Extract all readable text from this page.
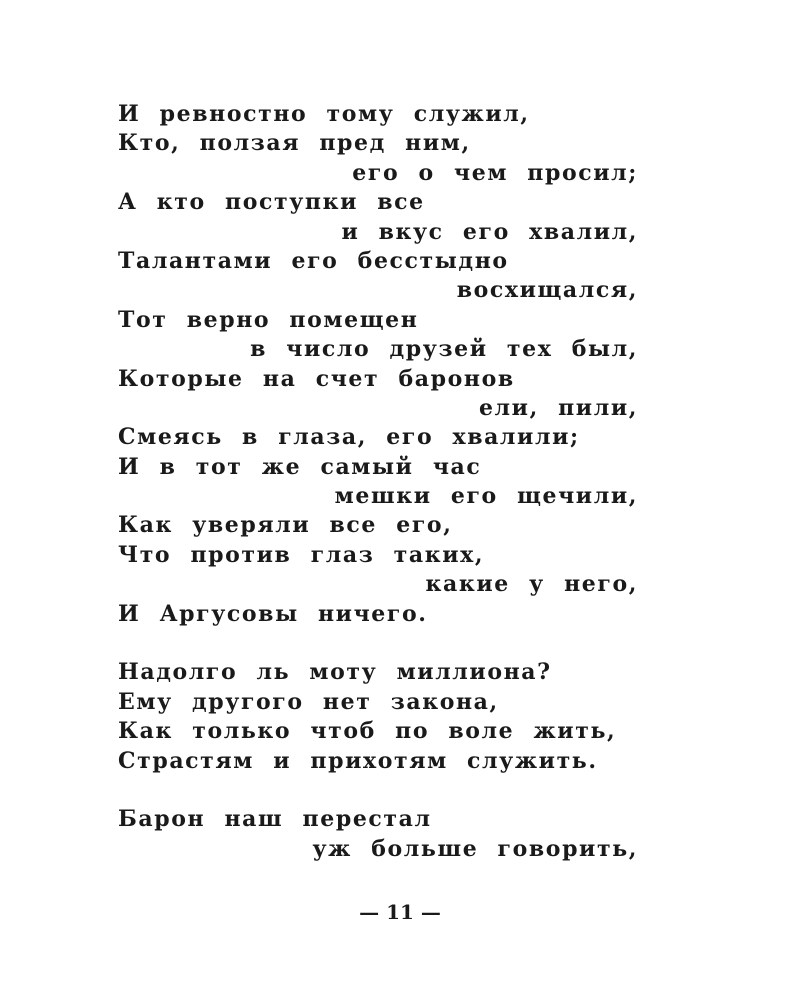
И ревностно тому служил,
Кто, ползая пред ним,
его о чем просил;
А кто поступки все
и вкус его хвалил,
Талантами его бесстыдно
восхищался,
Тот верно помещен
в число друзей тех был,
Которые на счет баронов
ели, пили,
Смеясь в глаза, его хвалили;
И в тот же самый час
мешки его щечили,
Как уверяли все его,
Что против глаз таких,
какие у него,
И Аргусовы ничего.
Надолго ль моту миллиона?
Ему другого нет закона,
Как только чтоб по воле жить,
Страстям и прихотям служить.
Барон наш перестал
уж больше говорить,
— 11 —
